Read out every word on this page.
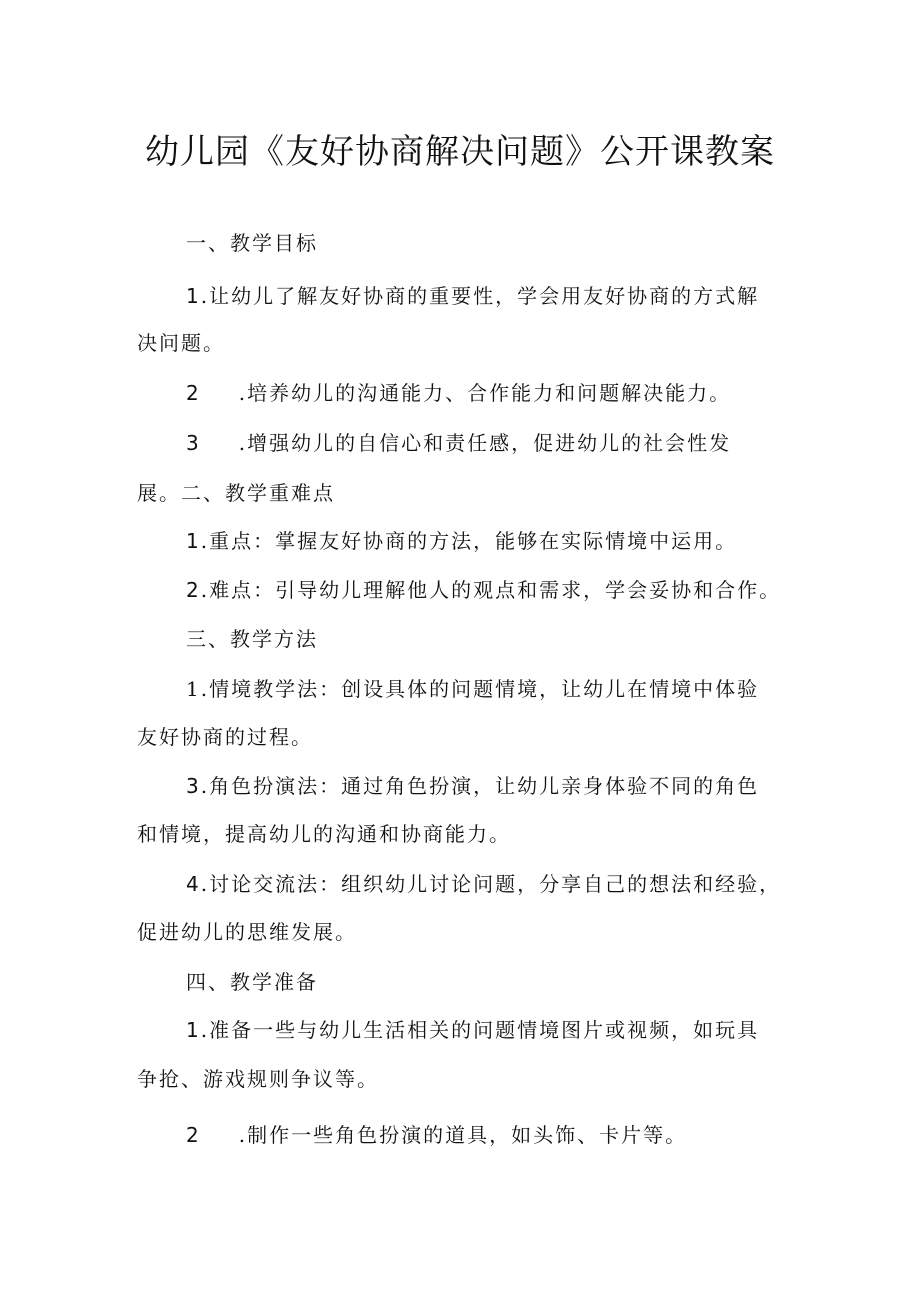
幼儿园《友好协商解决问题》公开课教案
一、教学目标
1.让幼儿了解友好协商的重要性，学会用友好协商的方式解
决问题。
2 .培养幼儿的沟通能力、合作能力和问题解决能力。
3 .增强幼儿的自信心和责任感，促进幼儿的社会性发
展。二、教学重难点
1.重点：掌握友好协商的方法，能够在实际情境中运用。
2.难点：引导幼儿理解他人的观点和需求，学会妥协和合作。
三、教学方法
1.情境教学法：创设具体的问题情境，让幼儿在情境中体验
友好协商的过程。
3.角色扮演法：通过角色扮演，让幼儿亲身体验不同的角色
和情境，提高幼儿的沟通和协商能力。
4.讨论交流法：组织幼儿讨论问题，分享自己的想法和经验，
促进幼儿的思维发展。
四、教学准备
1.准备一些与幼儿生活相关的问题情境图片或视频，如玩具
争抢、游戏规则争议等。
2 .制作一些角色扮演的道具，如头饰、卡片等。
